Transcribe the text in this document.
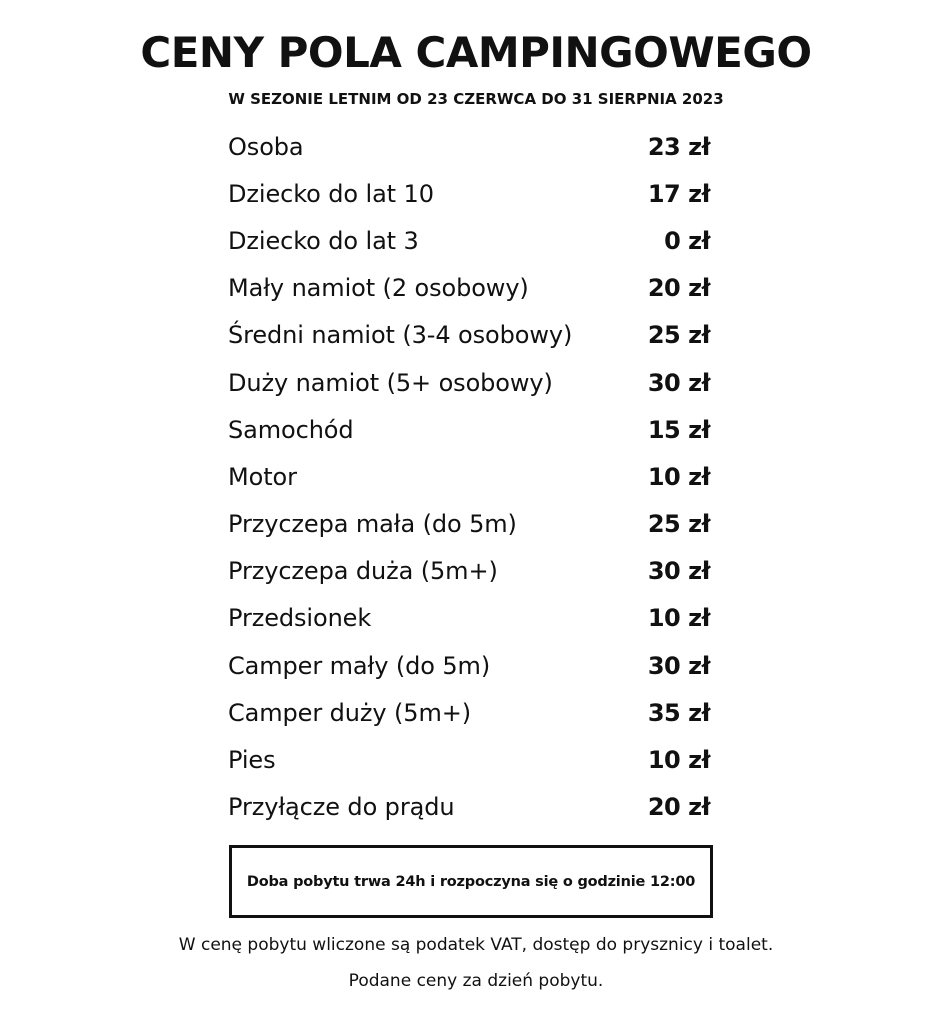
CENY POLA CAMPINGOWEGO
W SEZONIE LETNIM OD 23 CZERWCA DO 31 SIERPNIA 2023
Osoba	23 zł
Dziecko do lat 10	17 zł
Dziecko do lat 3	0 zł
Mały namiot (2 osobowy)	20 zł
Średni namiot (3-4 osobowy)	25 zł
Duży namiot (5+ osobowy)	30 zł
Samochód	15 zł
Motor	10 zł
Przyczepa mała (do 5m)	25 zł
Przyczepa duża (5m+)	30 zł
Przedsionek	10 zł
Camper mały (do 5m)	30 zł
Camper duży (5m+)	35 zł
Pies	10 zł
Przyłącze do prądu	20 zł
Doba pobytu trwa 24h i rozpoczyna się o godzinie 12:00
W cenę pobytu wliczone są podatek VAT, dostęp do prysznicy i toalet.
Podane ceny za dzień pobytu.
